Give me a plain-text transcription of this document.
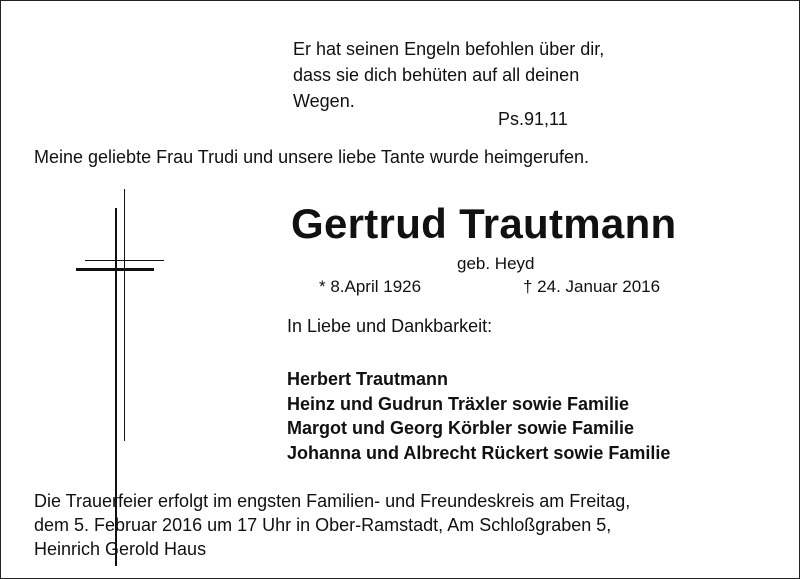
Er hat seinen Engeln befohlen über dir,
dass sie dich behüten auf all deinen
Wegen.
Ps.91,11
Meine geliebte Frau Trudi und unsere liebe Tante wurde heimgerufen.
Gertrud Trautmann
geb. Heyd
* 8.April 1926	† 24. Januar 2016
In Liebe und Dankbarkeit:
Herbert Trautmann
Heinz und Gudrun Träxler sowie Familie
Margot und Georg Körbler sowie Familie
Johanna und Albrecht Rückert sowie Familie
Die Trauerfeier erfolgt im engsten Familien- und Freundeskreis am Freitag,
dem 5. Februar 2016 um 17 Uhr in Ober-Ramstadt, Am Schloßgraben 5,
Heinrich Gerold Haus
